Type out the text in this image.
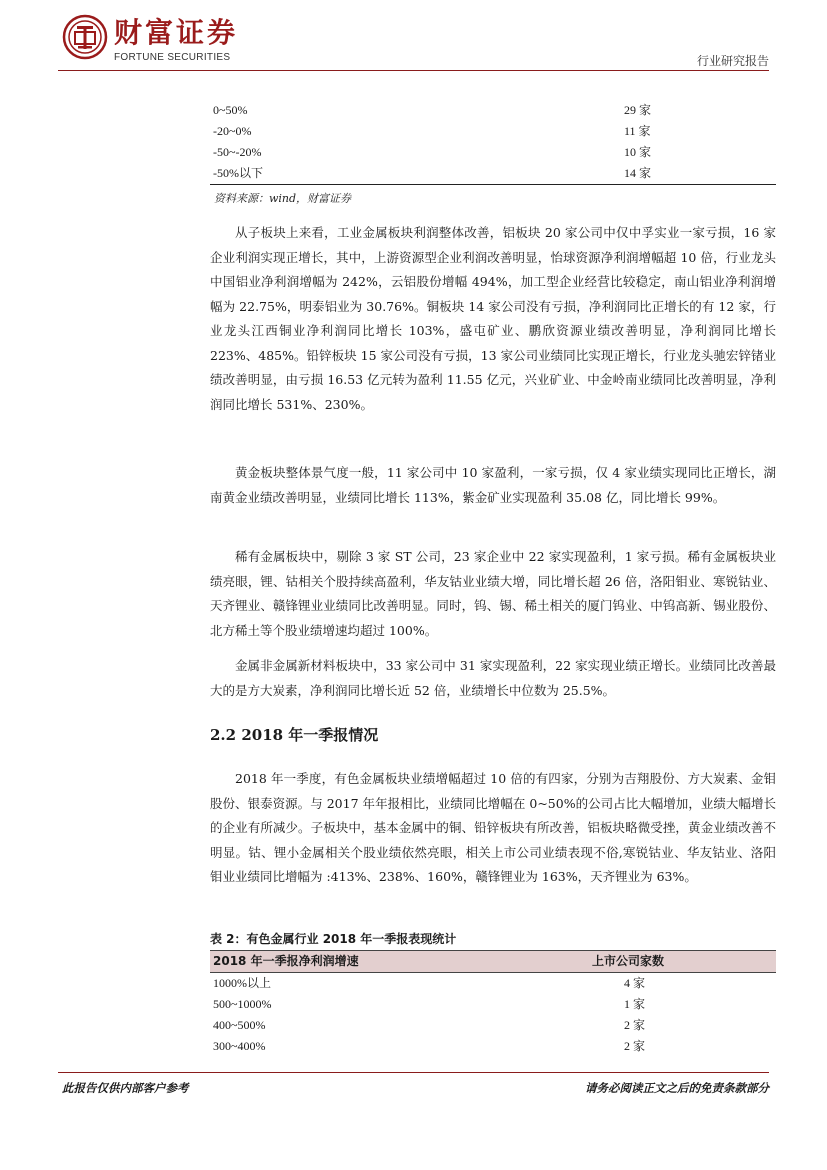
财富证券
FORTUNE SECURITIES	行业研究报告
0~50%	29 家
-20~0%	11 家
-50~-20%	10 家
-50%以下	14 家
资料来源：wind，财富证券

从子板块上来看，工业金属板块利润整体改善，铝板块 20 家公司中仅中孚实业一家亏损，16 家企业利润实现正增长，其中，上游资源型企业利润改善明显，怡球资源净利润增幅超 10 倍，行业龙头中国铝业净利润增幅为 242%，云铝股份增幅 494%，加工型企业经营比较稳定，南山铝业净利润增幅为 22.75%，明泰铝业为 30.76%。铜板块 14 家公司没有亏损，净利润同比正增长的有 12 家，行业龙头江西铜业净利润同比增长 103%，盛屯矿业、鹏欣资源业绩改善明显，净利润同比增长 223%、485%。铅锌板块 15 家公司没有亏损，13 家公司业绩同比实现正增长，行业龙头驰宏锌锗业绩改善明显，由亏损 16.53 亿元转为盈利 11.55 亿元，兴业矿业、中金岭南业绩同比改善明显，净利润同比增长 531%、230%。

黄金板块整体景气度一般，11 家公司中 10 家盈利，一家亏损，仅 4 家业绩实现同比正增长，湖南黄金业绩改善明显，业绩同比增长 113%，紫金矿业实现盈利 35.08 亿，同比增长 99%。

稀有金属板块中，剔除 3 家 ST 公司，23 家企业中 22 家实现盈利，1 家亏损。稀有金属板块业绩亮眼，锂、钴相关个股持续高盈利，华友钴业业绩大增，同比增长超 26 倍，洛阳钼业、寒锐钴业、天齐锂业、赣锋锂业业绩同比改善明显。同时，钨、锡、稀土相关的厦门钨业、中钨高新、锡业股份、北方稀土等个股业绩增速均超过 100%。

金属非金属新材料板块中，33 家公司中 31 家实现盈利，22 家实现业绩正增长。业绩同比改善最大的是方大炭素，净利润同比增长近 52 倍，业绩增长中位数为 25.5%。

2.2 2018 年一季报情况

2018 年一季度，有色金属板块业绩增幅超过 10 倍的有四家，分别为吉翔股份、方大炭素、金钼股份、银泰资源。与 2017 年年报相比，业绩同比增幅在 0~50%的公司占比大幅增加，业绩大幅增长的企业有所减少。子板块中，基本金属中的铜、铅锌板块有所改善，铝板块略微受挫，黄金业绩改善不明显。钴、锂小金属相关个股业绩依然亮眼，相关上市公司业绩表现不俗,寒锐钴业、华友钴业、洛阳钼业业绩同比增幅为 :413%、238%、160%，赣锋锂业为 163%，天齐锂业为 63%。

表 2：有色金属行业 2018 年一季报表现统计
2018 年一季报净利润增速	上市公司家数
1000%以上	4 家
500~1000%	1 家
400~500%	2 家
300~400%	2 家
此报告仅供内部客户参考	请务必阅读正文之后的免责条款部分
